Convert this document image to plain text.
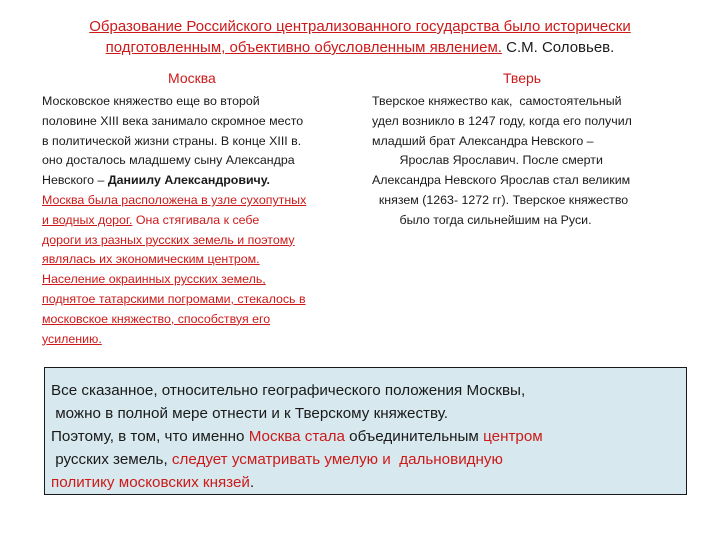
Образование Российского централизованного государства было исторически
подготовленным, объективно обусловленным явлением. С.М. Соловьев.
Москва	Тверь
Московское княжество еще во второй
половине XIII века занимало скромное место
в политической жизни страны. В конце XIII в.
оно досталось младшему сыну Александра
Невского – Даниилу Александровичу.
Москва была расположена в узле сухопутных
и водных дорог. Она стягивала к себе
дороги из разных русских земель и поэтому
являлась их экономическим центром.
Население окраинных русских земель,
поднятое татарскими погромами, стекалось в
московское княжество, способствуя его
усилению.
Тверское княжество как,  самостоятельный
удел возникло в 1247 году, когда его получил
младший брат Александра Невского –
Ярослав Ярославич. После смерти
Александра Невского Ярослав стал великим
князем (1263- 1272 гг). Тверское княжество
было тогда сильнейшим на Руси.
Все сказанное, относительно географического положения Москвы,
можно в полной мере отнести и к Тверскому княжеству.
Поэтому, в том, что именно Москва стала объединительным центром
русских земель, следует усматривать умелую и  дальновидную
политику московских князей.
